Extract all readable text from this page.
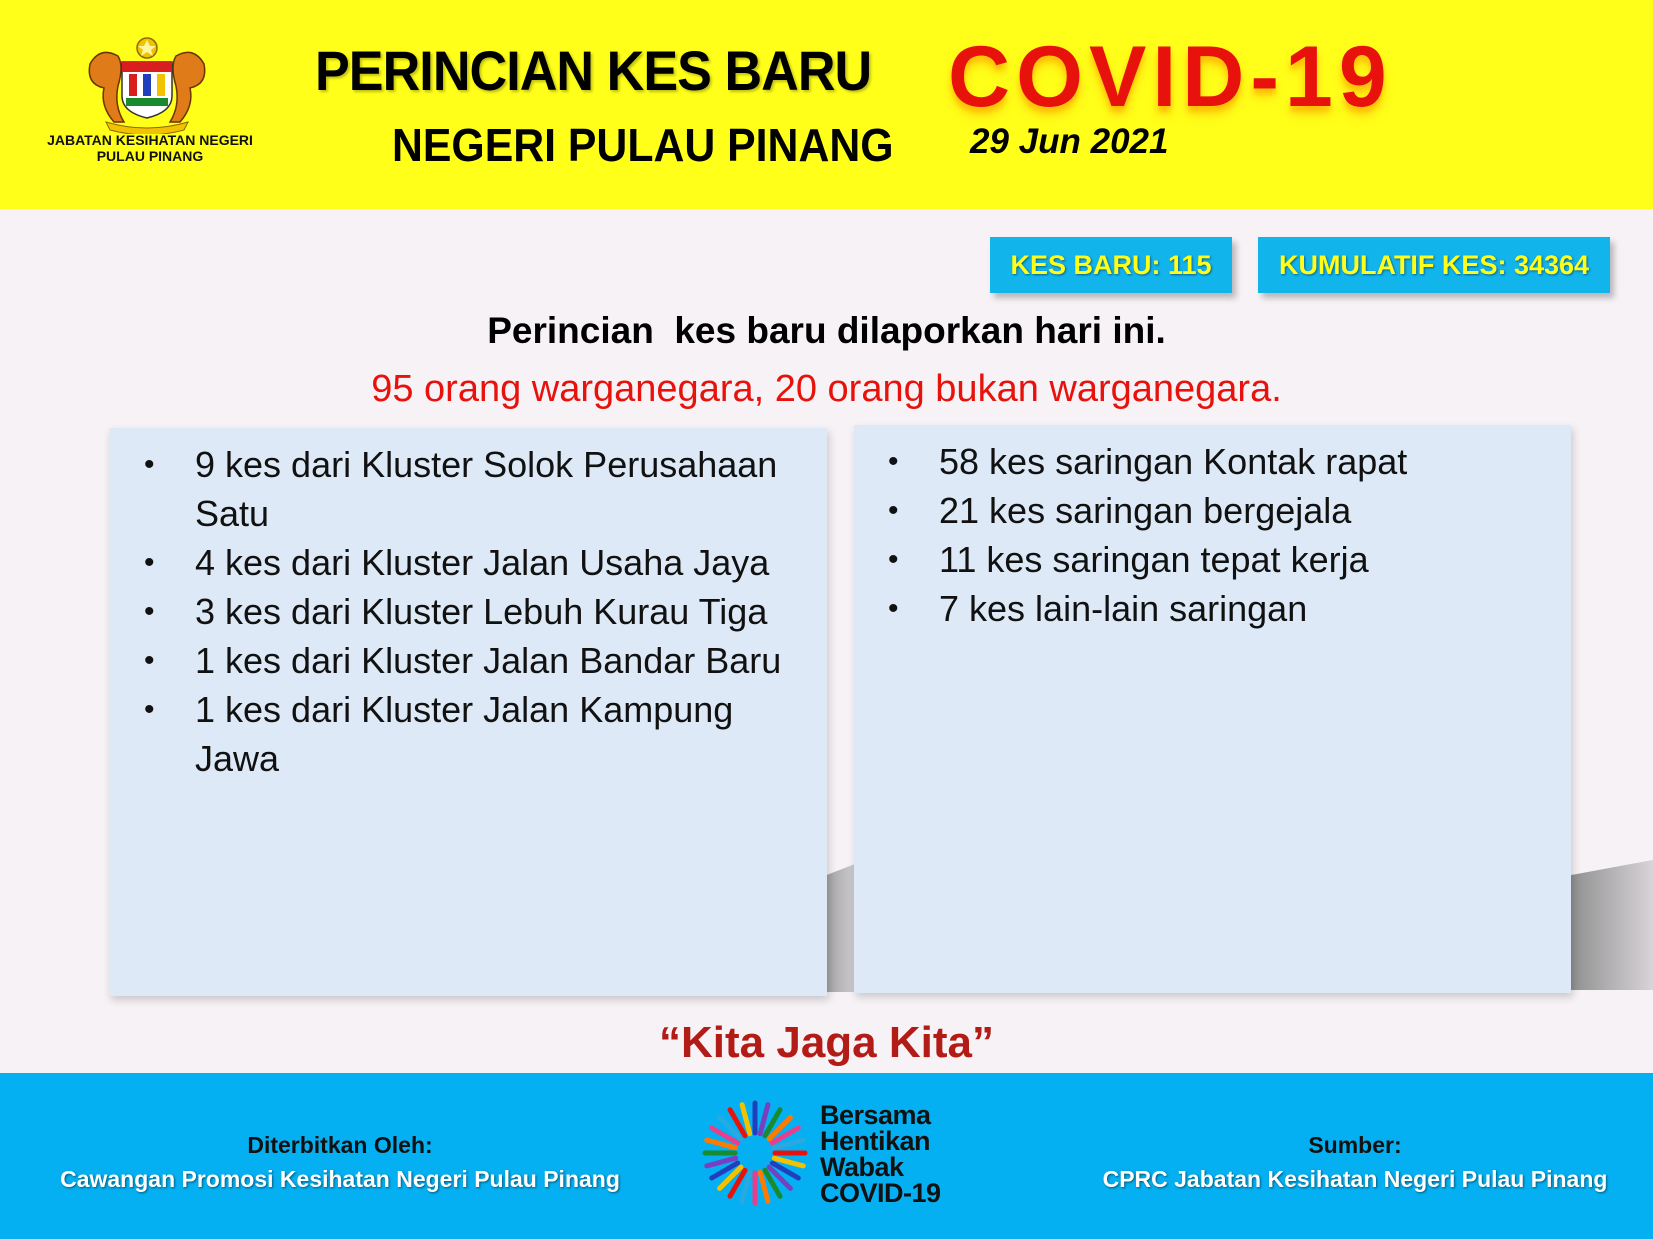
JABATAN KESIHATAN NEGERI
PULAU PINANG
PERINCIAN KES BARU COVID-19
NEGERI PULAU PINANG 29 Jun 2021
KES BARU: 115	KUMULATIF KES: 34364
Perincian  kes baru dilaporkan hari ini.
95 orang warganegara, 20 orang bukan warganegara.
• 9 kes dari Kluster Solok Perusahaan Satu
• 4 kes dari Kluster Jalan Usaha Jaya
• 3 kes dari Kluster Lebuh Kurau Tiga
• 1 kes dari Kluster Jalan Bandar Baru
• 1 kes dari Kluster Jalan Kampung Jawa
• 58 kes saringan Kontak rapat
• 21 kes saringan bergejala
• 11 kes saringan tepat kerja
• 7 kes lain-lain saringan
“Kita Jaga Kita”
Diterbitkan Oleh:
Cawangan Promosi Kesihatan Negeri Pulau Pinang
Bersama
Hentikan
Wabak
COVID-19
Sumber:
CPRC Jabatan Kesihatan Negeri Pulau Pinang
